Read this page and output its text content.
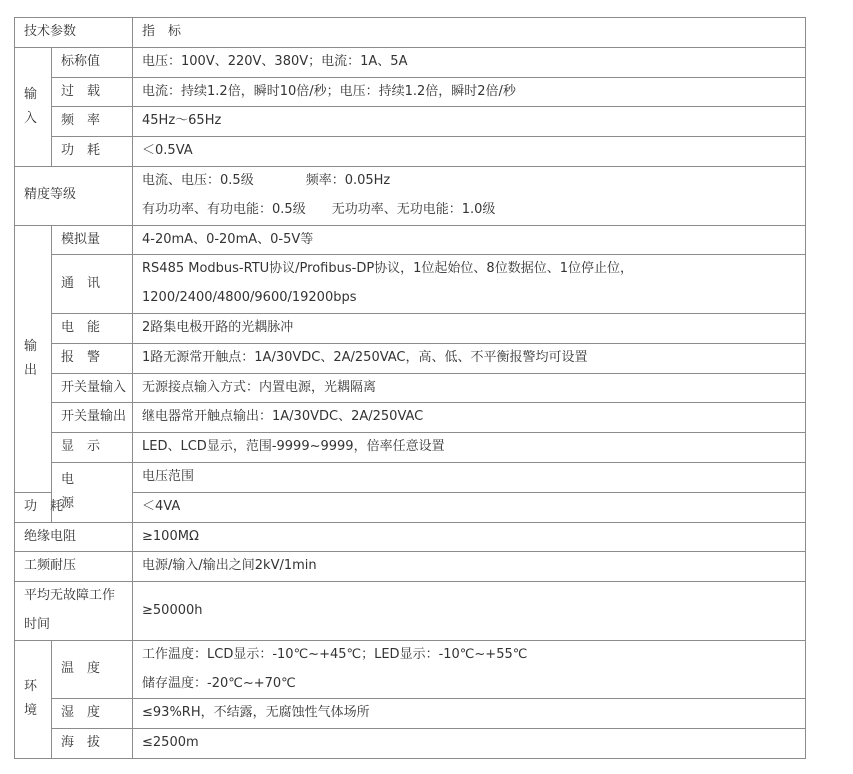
技术参数		指　标	

输
入	标称值	电压：100V、220V、380V；电流：1A、5A	
	过　载	电流：持续1.2倍，瞬时10倍/秒；电压：持续1.2倍，瞬时2倍/秒	
	频　率	45Hz～65Hz	
	功　耗	＜0.5VA	
精度等级		电流、电压：0.5级　　　　频率：0.05Hz
有功功率、有功电能：0.5级　　无功功率、无功电能：1.0级	

输
出	模拟量	4-20mA、0-20mA、0-5V等	
	通　讯	RS485 Modbus-RTU协议/Profibus-DP协议，1位起始位、8位数据位、1位停止位，
1200/2400/4800/9600/19200bps	

	电　能	2路集电极开路的光耦脉冲	
	报　警	1路无源常开触点：1A/30VDC、2A/250VAC，高、低、不平衡报警均可设置	
	开关量输入	无源接点输入方式：内置电源，光耦隔离	
	开关量输出	继电器常开触点输出：1A/30VDC、2A/250VAC	
	显　示	LED、LCD显示，范围-9999~9999，倍率任意设置	

	电
源	电压范围	
功　耗		＜4VA	
绝缘电阻		≥100MΩ	
工频耐压		电源/输入/输出之间2kV/1min	

平均无故障工作
时间		≥50000h	

环
境	温　度	工作温度：LCD显示：-10℃~+45℃；LED显示：-10℃~+55℃
储存温度：-20℃~+70℃	

	湿　度	≤93%RH，不结露，无腐蚀性气体场所	
	海　拔	≤2500m	
